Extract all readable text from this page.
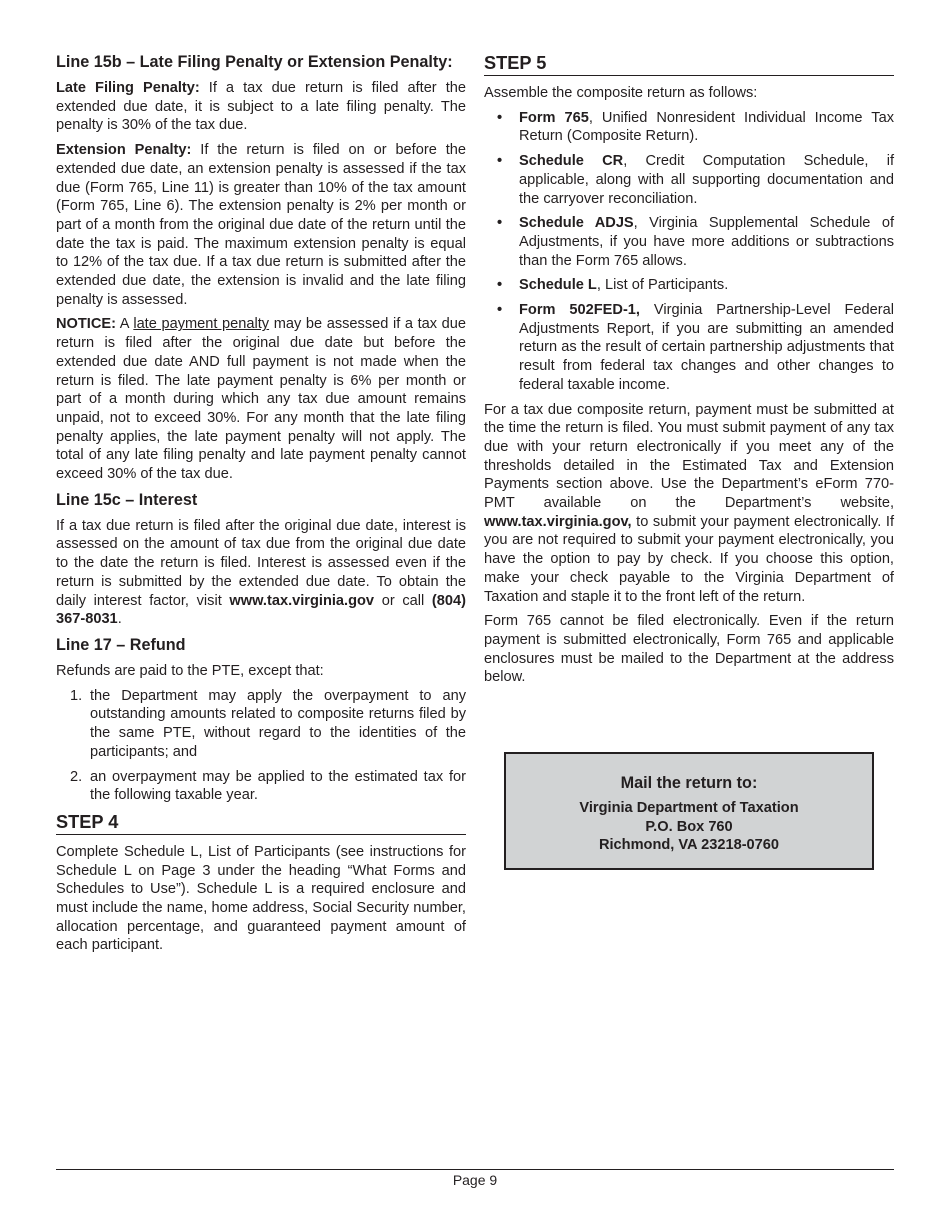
Line 15b – Late Filing Penalty or Extension Penalty:

Late Filing Penalty: If a tax due return is filed after the extended due date, it is subject to a late filing penalty. The penalty is 30% of the tax due.

Extension Penalty: If the return is filed on or before the extended due date, an extension penalty is assessed if the tax due (Form 765, Line 11) is greater than 10% of the tax amount (Form 765, Line 6). The extension penalty is 2% per month or part of a month from the original due date of the return until the date the tax is paid. The maximum extension penalty is equal to 12% of the tax due. If a tax due return is submitted after the extended due date, the extension is invalid and the late filing penalty is assessed.

NOTICE: A late payment penalty may be assessed if a tax due return is filed after the original due date but before the extended due date AND full payment is not made when the return is filed. The late payment penalty is 6% per month or part of a month during which any tax due amount remains unpaid, not to exceed 30%. For any month that the late filing penalty applies, the late payment penalty will not apply. The total of any late filing penalty and late payment penalty cannot exceed 30% of the tax due.

Line 15c – Interest

If a tax due return is filed after the original due date, interest is assessed on the amount of tax due from the original due date to the date the return is filed. Interest is assessed even if the return is submitted by the extended due date. To obtain the daily interest factor, visit www.tax.virginia.gov or call (804) 367-8031.

Line 17 – Refund

Refunds are paid to the PTE, except that:

1. the Department may apply the overpayment to any outstanding amounts related to composite returns filed by the same PTE, without regard to the identities of the participants; and
2. an overpayment may be applied to the estimated tax for the following taxable year.
STEP 4

Complete Schedule L, List of Participants (see instructions for Schedule L on Page 3 under the heading “What Forms and Schedules to Use”). Schedule L is a required enclosure and must include the name, home address, Social Security number, allocation percentage, and guaranteed payment amount of each participant.

STEP 5

Assemble the composite return as follows:

• Form 765, Unified Nonresident Individual Income Tax Return (Composite Return).
• Schedule CR, Credit Computation Schedule, if applicable, along with all supporting documentation and the carryover reconciliation.
• Schedule ADJS, Virginia Supplemental Schedule of Adjustments, if you have more additions or subtractions than the Form 765 allows.
• Schedule L, List of Participants.
• Form 502FED-1, Virginia Partnership-Level Federal Adjustments Report, if you are submitting an amended return as the result of certain partnership adjustments that result from federal tax changes and other changes to federal taxable income.

For a tax due composite return, payment must be submitted at the time the return is filed. You must submit payment of any tax due with your return electronically if you meet any of the thresholds detailed in the Estimated Tax and Extension Payments section above. Use the Department’s eForm 770-PMT available on the Department’s website, www.tax.virginia.gov, to submit your payment electronically. If you are not required to submit your payment electronically, you have the option to pay by check. If you choose this option, make your check payable to the Virginia Department of Taxation and staple it to the front left of the return.

Form 765 cannot be filed electronically. Even if the return payment is submitted electronically, Form 765 and applicable enclosures must be mailed to the Department at the address below.

Mail the return to:
Virginia Department of Taxation
P.O. Box 760
Richmond, VA 23218-0760
Page 9
